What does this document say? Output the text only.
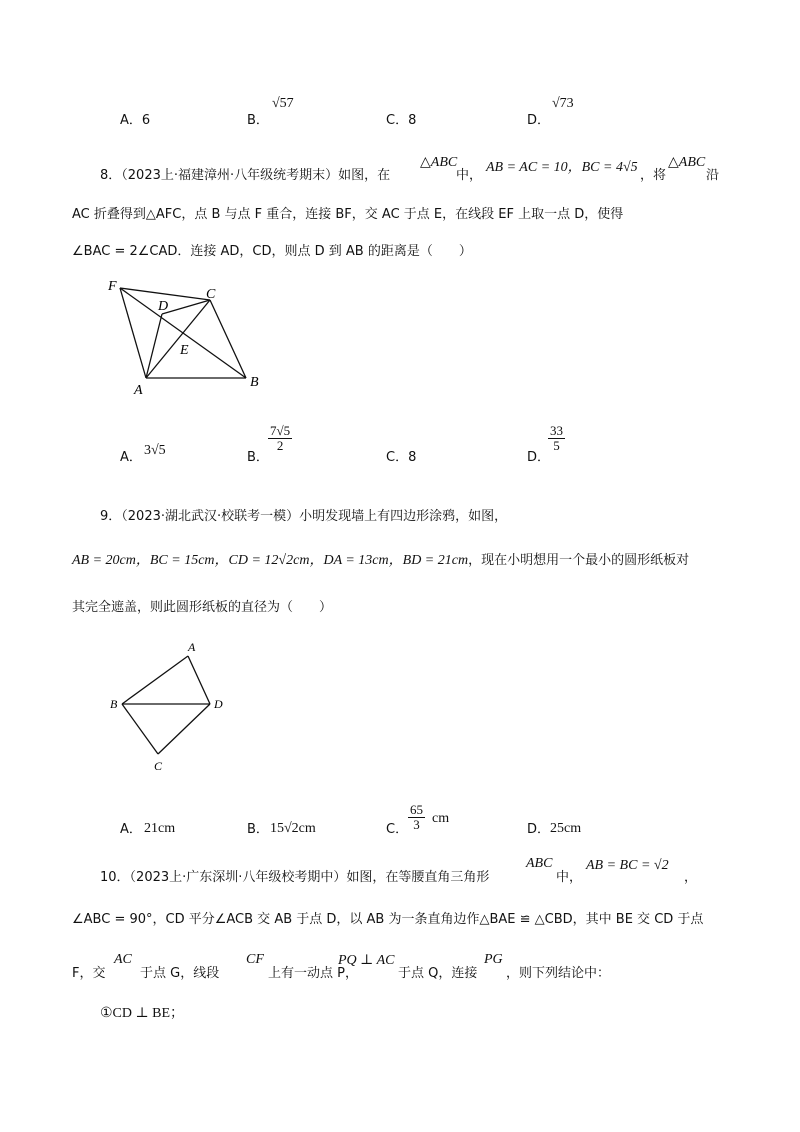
A．6	B．
√57
C．8	D．
√73
8．（2023上·福建漳州·八年级统考期末）如图，在
△ABC
中，
AB = AC = 10，BC = 4√5
，将
△ABC
沿
AC 折叠得到△AFC，点 B 与点 F 重合，连接 BF，交 AC 于点 E，在线段 EF 上取一点 D，使得
∠BAC = 2∠CAD．连接 AD，CD，则点 D 到 AB 的距离是（　　）
F
D
C
E
A
B
A． 3√5	B．
$\frac{7√5}{2}$
C．8	D．
$\frac{33}{5}$
9．（2023·湖北武汉·校联考一模）小明发现墙上有四边形涂鸦，如图，
AB = 20cm，BC = 15cm，CD = 12√2cm，DA = 13cm，BD = 21cm，现在小明想用一个最小的圆形纸板对
其完全遮盖，则此圆形纸板的直径为（　　）
A
B	D
C
A． 21cm	B． 15√2cm	C． $\frac{65}{3}$ cm
D． 25cm
10．（2023上·广东深圳·八年级校考期中）如图，在等腰直角三角形
ABC
中，
AB = BC = √2
，
∠ABC = 90°，CD 平分∠ACB 交 AB 于点 D，以 AB 为一条直角边作△BAE ≌ △CBD，其中 BE 交 CD 于点
F，交
AC
于点 G，线段
CF
上有一动点 P，
PQ ⊥ AC
于点 Q，连接
PG
，则下列结论中：
①CD ⊥ BE；
